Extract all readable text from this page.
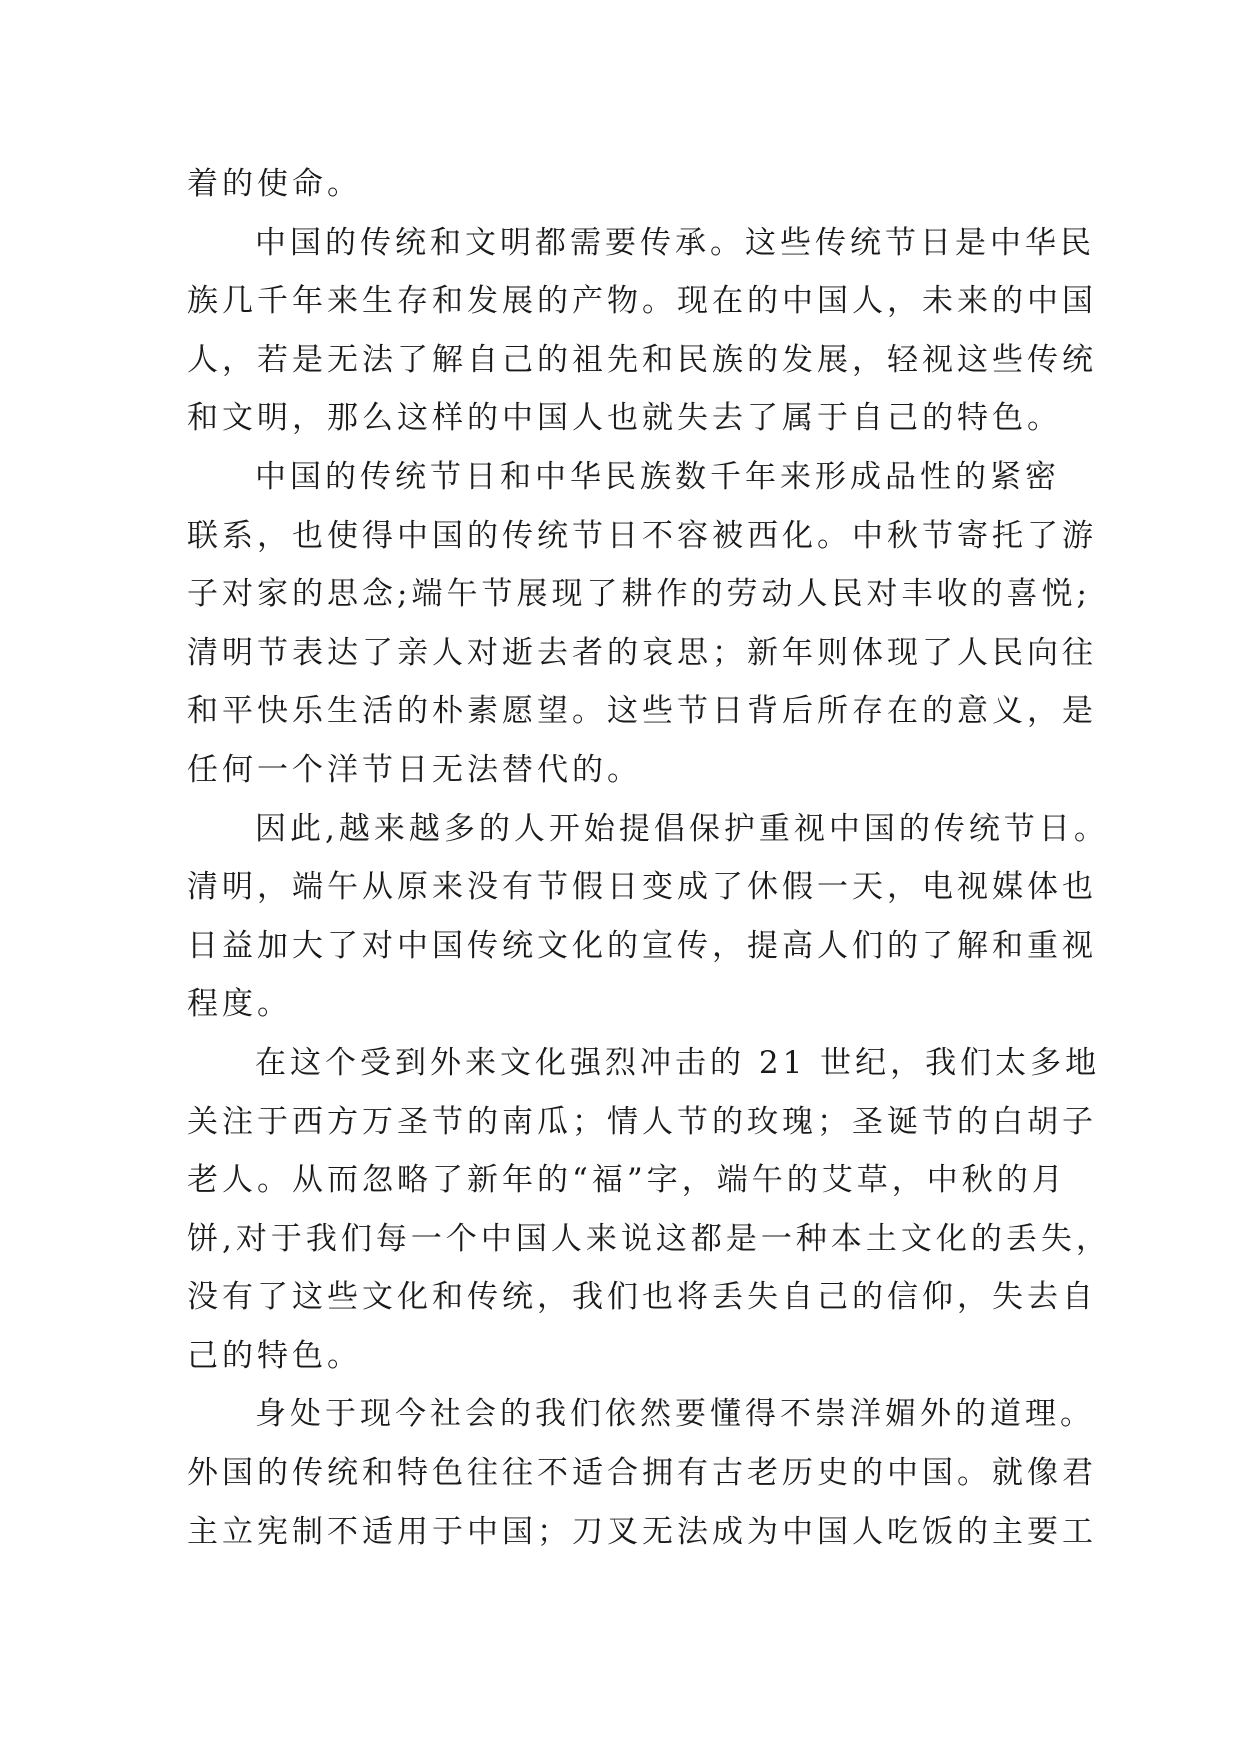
着的使命。
中国的传统和文明都需要传承。这些传统节日是中华民
族几千年来生存和发展的产物。现在的中国人，未来的中国
人，若是无法了解自己的祖先和民族的发展，轻视这些传统
和文明，那么这样的中国人也就失去了属于自己的特色。
中国的传统节日和中华民族数千年来形成品性的紧密
联系，也使得中国的传统节日不容被西化。中秋节寄托了游
子对家的思念;端午节展现了耕作的劳动人民对丰收的喜悦;
清明节表达了亲人对逝去者的哀思；新年则体现了人民向往
和平快乐生活的朴素愿望。这些节日背后所存在的意义，是
任何一个洋节日无法替代的。
因此,越来越多的人开始提倡保护重视中国的传统节日。
清明，端午从原来没有节假日变成了休假一天，电视媒体也
日益加大了对中国传统文化的宣传，提高人们的了解和重视
程度。
在这个受到外来文化强烈冲击的 21 世纪，我们太多地
关注于西方万圣节的南瓜；情人节的玫瑰；圣诞节的白胡子
老人。从而忽略了新年的“福”字，端午的艾草，中秋的月
饼,对于我们每一个中国人来说这都是一种本土文化的丢失，
没有了这些文化和传统，我们也将丢失自己的信仰，失去自
己的特色。
身处于现今社会的我们依然要懂得不崇洋媚外的道理。
外国的传统和特色往往不适合拥有古老历史的中国。就像君
主立宪制不适用于中国；刀叉无法成为中国人吃饭的主要工
